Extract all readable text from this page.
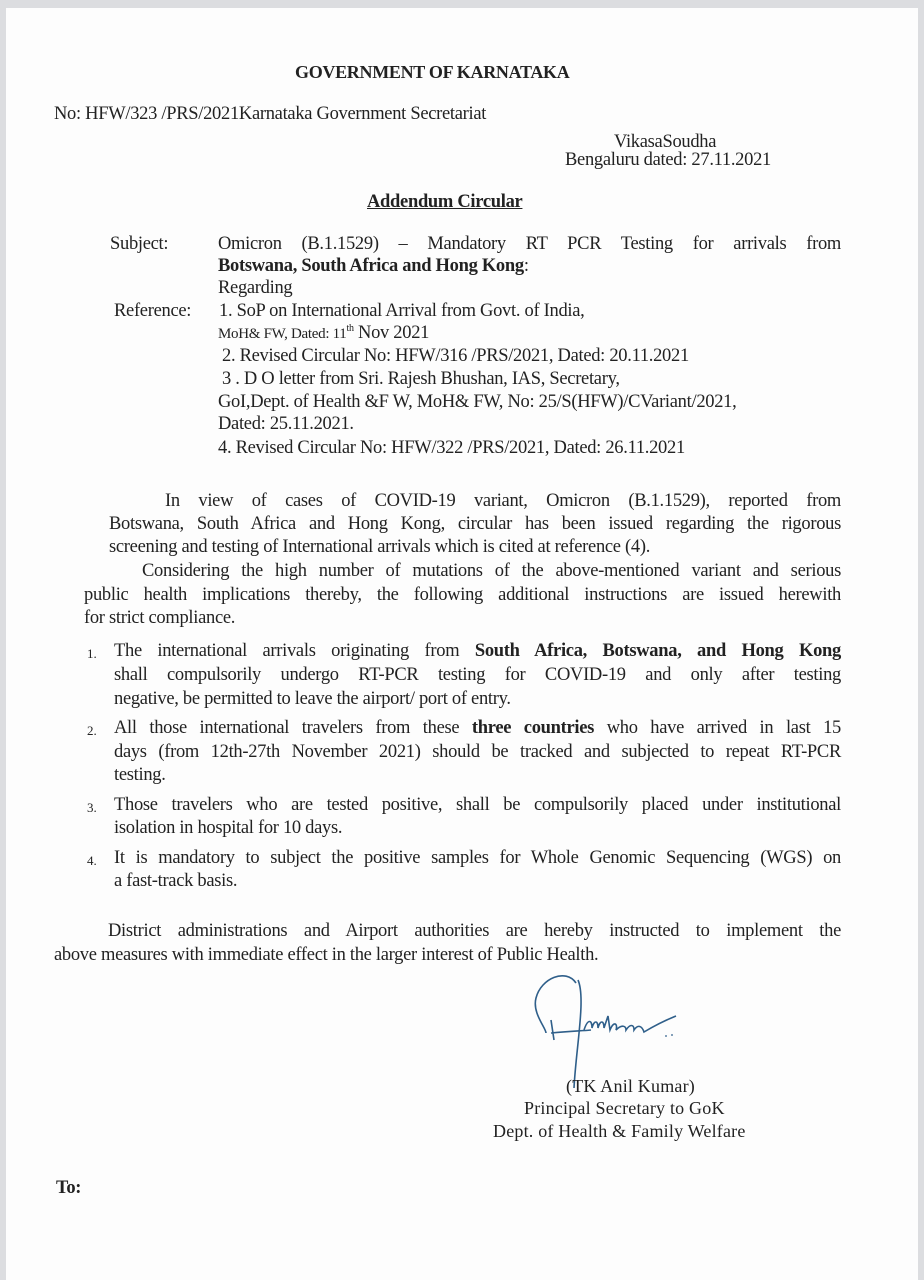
GOVERNMENT OF KARNATAKA
No: HFW/323 /PRS/2021Karnataka Government Secretariat
VikasaSoudha
Bengaluru dated: 27.11.2021
Addendum Circular
Subject:	Omicron (B.1.1529) – Mandatory RT PCR Testing for arrivals from
Botswana, South Africa and Hong Kong:
Regarding
Reference: 1. SoP on International Arrival from Govt. of India,
MoH& FW, Dated: 11th Nov 2021
2. Revised Circular No: HFW/316 /PRS/2021, Dated: 20.11.2021
3 . D O letter from Sri. Rajesh Bhushan, IAS, Secretary,
GoI,Dept. of Health &F W, MoH& FW, No: 25/S(HFW)/CVariant/2021,
Dated: 25.11.2021.
4. Revised Circular No: HFW/322 /PRS/2021, Dated: 26.11.2021
In view of cases of COVID-19 variant, Omicron (B.1.1529), reported from
Botswana, South Africa and Hong Kong, circular has been issued regarding the rigorous
screening and testing of International arrivals which is cited at reference (4).
Considering the high number of mutations of the above-mentioned variant and serious
public health implications thereby, the following additional instructions are issued herewith
for strict compliance.
1. The international arrivals originating from South Africa, Botswana, and Hong Kong
shall compulsorily undergo RT-PCR testing for COVID-19 and only after testing
negative, be permitted to leave the airport/ port of entry.
2. All those international travelers from these three countries who have arrived in last 15
days (from 12th-27th November 2021) should be tracked and subjected to repeat RT-PCR
testing.
3. Those travelers who are tested positive, shall be compulsorily placed under institutional
isolation in hospital for 10 days.
4. It is mandatory to subject the positive samples for Whole Genomic Sequencing (WGS) on
a fast-track basis.
District administrations and Airport authorities are hereby instructed to implement the
above measures with immediate effect in the larger interest of Public Health.
(TK Anil Kumar)
Principal Secretary to GoK
Dept. of Health & Family Welfare
To:
